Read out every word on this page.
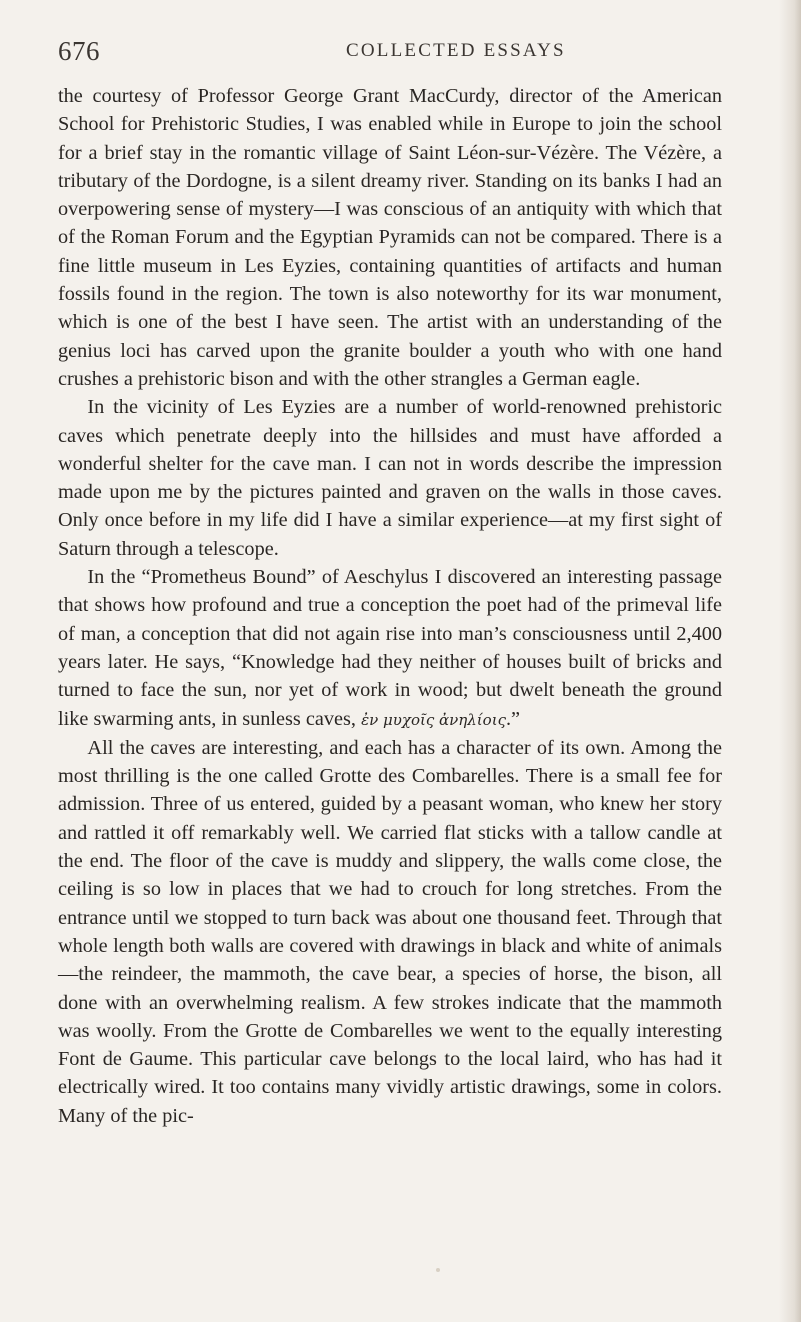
676	COLLECTED ESSAYS

the courtesy of Professor George Grant MacCurdy, director of the American School for Prehistoric Studies, I was enabled while in Europe to join the school for a brief stay in the romantic village of Saint Léon-sur-Vézère. The Vézère, a tributary of the Dordogne, is a silent dreamy river. Standing on its banks I had an overpowering sense of mystery—I was conscious of an antiquity with which that of the Roman Forum and the Egyptian Pyramids can not be compared. There is a fine little museum in Les Eyzies, containing quantities of artifacts and human fossils found in the region. The town is also noteworthy for its war monument, which is one of the best I have seen. The artist with an understanding of the genius loci has carved upon the granite boulder a youth who with one hand crushes a prehistoric bison and with the other strangles a German eagle.

In the vicinity of Les Eyzies are a number of world-renowned prehistoric caves which penetrate deeply into the hillsides and must have afforded a wonderful shelter for the cave man. I can not in words describe the impression made upon me by the pictures painted and graven on the walls in those caves. Only once before in my life did I have a similar experience—at my first sight of Saturn through a telescope.

In the “Prometheus Bound” of Aeschylus I discovered an interesting passage that shows how profound and true a conception the poet had of the primeval life of man, a conception that did not again rise into man’s consciousness until 2,400 years later. He says, “Knowledge had they neither of houses built of bricks and turned to face the sun, nor yet of work in wood; but dwelt beneath the ground like swarming ants, in sunless caves, ἐν μυχοῖς ἀνηλίοις.”

All the caves are interesting, and each has a character of its own. Among the most thrilling is the one called Grotte des Combarelles. There is a small fee for admission. Three of us entered, guided by a peasant woman, who knew her story and rattled it off remarkably well. We carried flat sticks with a tallow candle at the end. The floor of the cave is muddy and slippery, the walls come close, the ceiling is so low in places that we had to crouch for long stretches. From the entrance until we stopped to turn back was about one thousand feet. Through that whole length both walls are covered with drawings in black and white of animals—the reindeer, the mammoth, the cave bear, a species of horse, the bison, all done with an overwhelming realism. A few strokes indicate that the mammoth was woolly. From the Grotte de Combarelles we went to the equally interesting Font de Gaume. This particular cave belongs to the local laird, who has had it electrically wired. It too contains many vividly artistic drawings, some in colors. Many of the pic-
